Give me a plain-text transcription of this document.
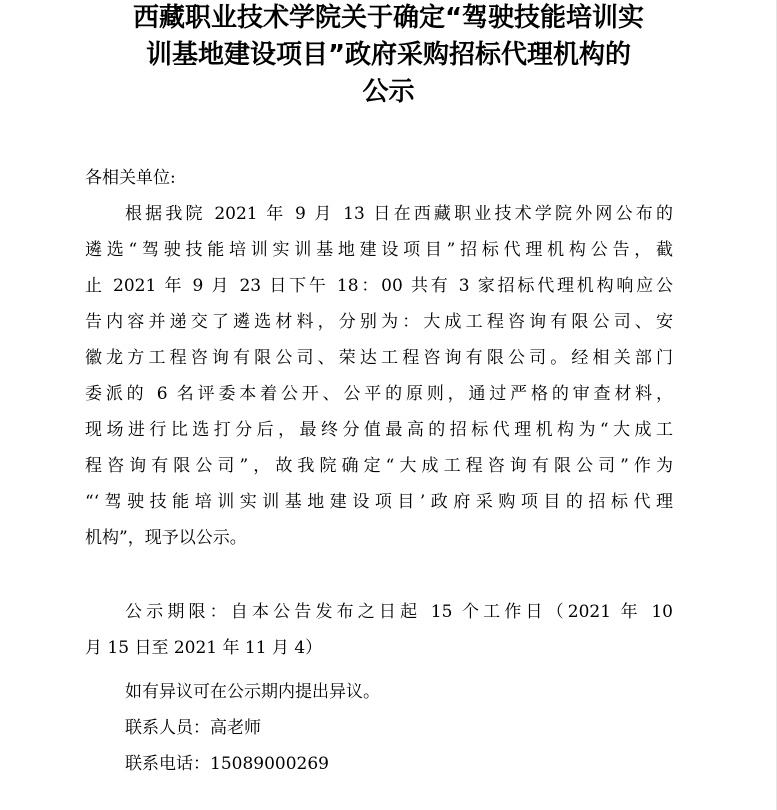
西藏职业技术学院关于确定“驾驶技能培训实
训基地建设项目”政府采购招标代理机构的
公示
各相关单位:
根据我院 2021 年 9 月 13 日在西藏职业技术学院外网公布的
遴选“驾驶技能培训实训基地建设项目”招标代理机构公告，截
止 2021 年 9 月 23 日下午 18：00 共有 3 家招标代理机构响应公
告内容并递交了遴选材料，分别为：大成工程咨询有限公司、安
徽龙方工程咨询有限公司、荣达工程咨询有限公司。经相关部门
委派的 6 名评委本着公开、公平的原则，通过严格的审查材料，
现场进行比选打分后，最终分值最高的招标代理机构为“大成工
程咨询有限公司”，故我院确定“大成工程咨询有限公司”作为
“‘驾驶技能培训实训基地建设项目’政府采购项目的招标代理
机构”，现予以公示。
公示期限：自本公告发布之日起 15 个工作日（2021 年 10
月 15 日至 2021 年 11 月 4）
如有异议可在公示期内提出异议。
联系人员：高老师
联系电话：15089000269
